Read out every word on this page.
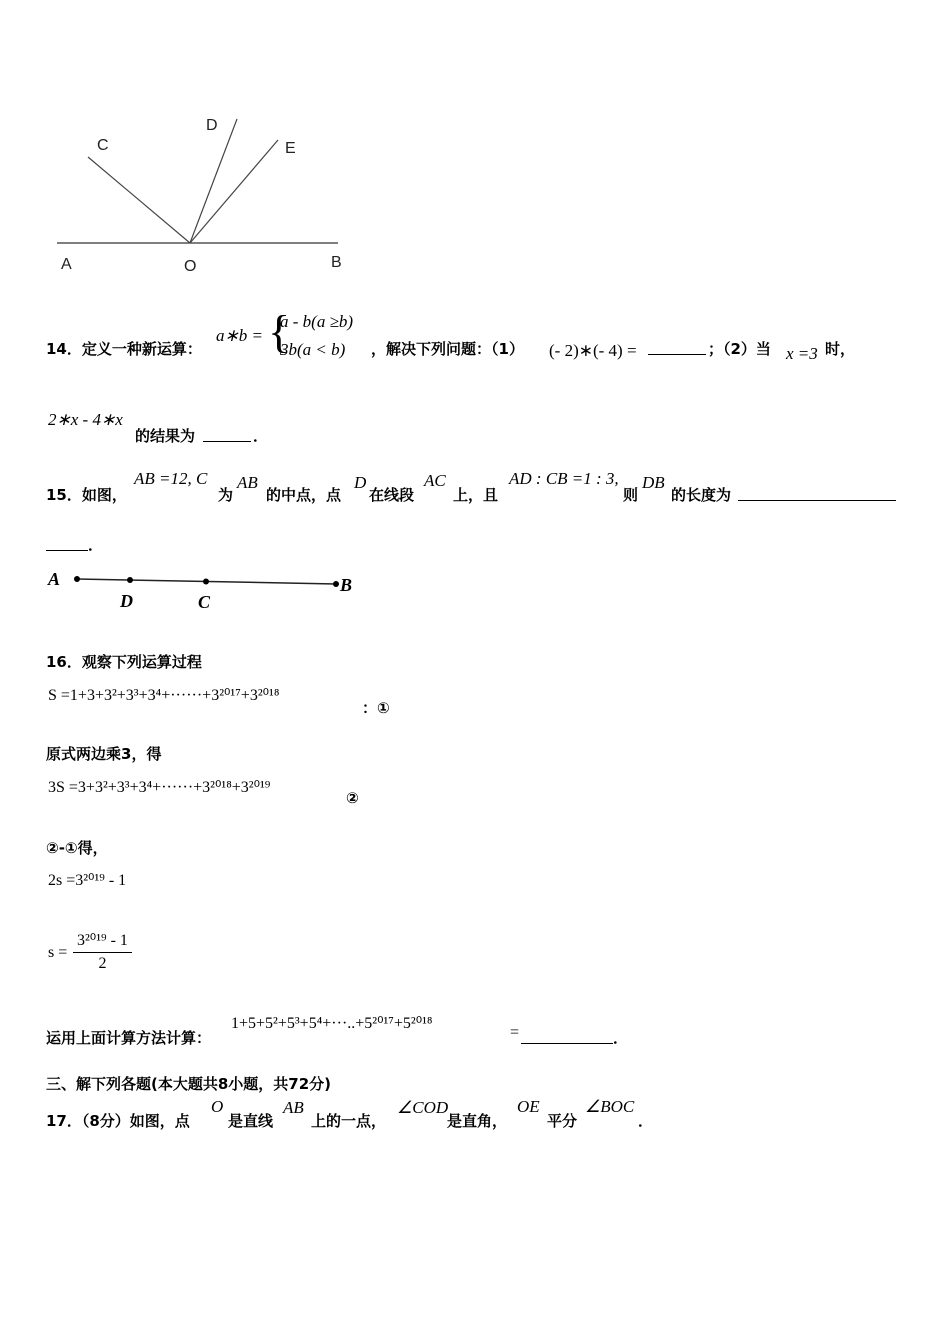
A	O	B
C
D
E
14．定义一种新运算：
a∗b = {
a - b(a ≥b)
3b(a < b) ，解决下列问题：（1） (- 2)∗(- 4) =	；（2）当 x =3 时，
2∗x - 4∗x
的结果为	．
15．如图，
AB =12, C
为
AB
的中点，点
D
在线段
AC
上，且
AD : CB =1 : 3,
则
DB
的长度为
．
A
D	C
B
16．观察下列运算过程
S =1+3+3²+3³+3⁴+······+3²⁰¹⁷+3²⁰¹⁸
：①
原式两边乘3，得
3S =3+3²+3³+3⁴+······+3²⁰¹⁸+3²⁰¹⁹
②
②-①得，
2s =3²⁰¹⁹ - 1
$s = \frac{\text{3²⁰¹⁹ - 1}}{2}$
运用上面计算方法计算：
1+5+5²+5³+5⁴+···..+5²⁰¹⁷+5²⁰¹⁸
=	．
三、解下列各题(本大题共8小题，共72分)
17．（8分）如图，点
O
是直线
AB
上的一点，
∠COD
是直角，
OE
平分
∠BOC
．
